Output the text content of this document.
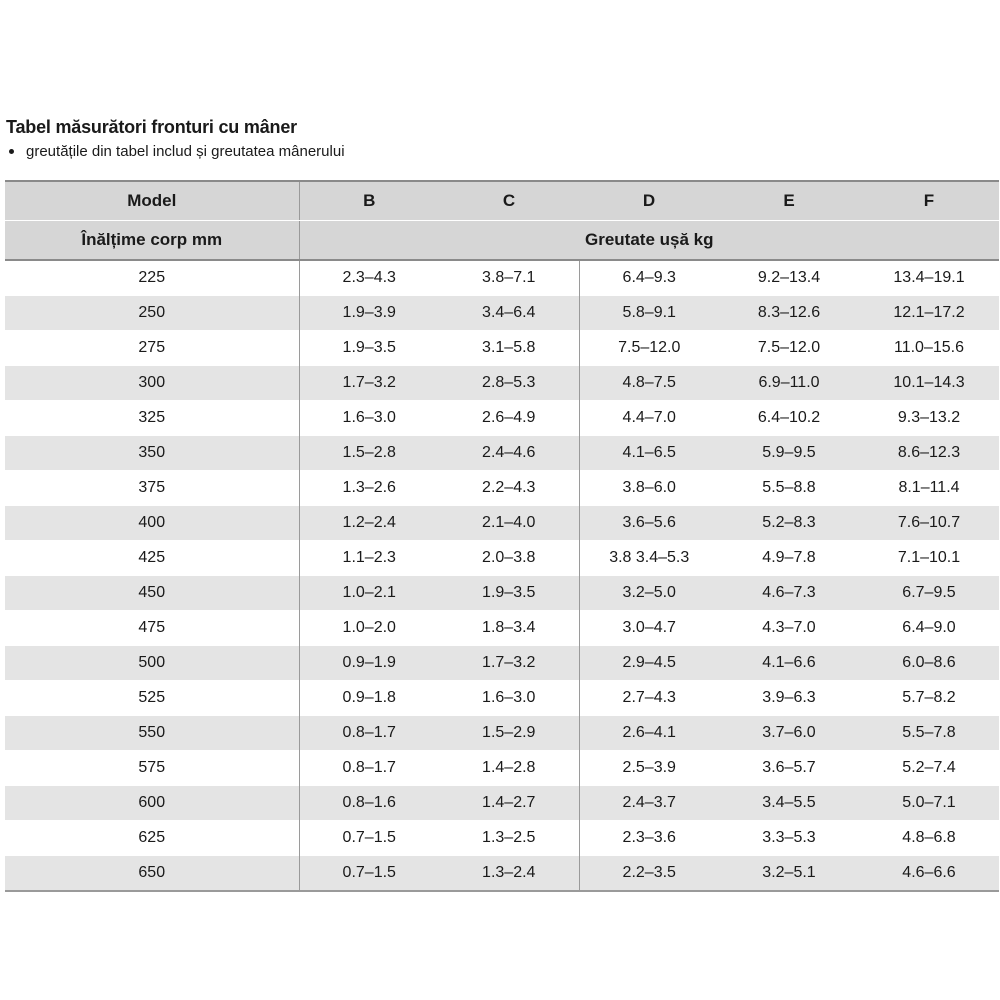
Tabel măsurători fronturi cu mâner
greutățile din tabel includ și greutatea mânerului
Model	B	C	D	E	F
Înălțime corp mm	Greutate ușă kg				
225	2.3–4.3	3.8–7.1	6.4–9.3	9.2–13.4	13.4–19.1
250	1.9–3.9	3.4–6.4	5.8–9.1	8.3–12.6	12.1–17.2
275	1.9–3.5	3.1–5.8	7.5–12.0	7.5–12.0	11.0–15.6
300	1.7–3.2	2.8–5.3	4.8–7.5	6.9–11.0	10.1–14.3
325	1.6–3.0	2.6–4.9	4.4–7.0	6.4–10.2	9.3–13.2
350	1.5–2.8	2.4–4.6	4.1–6.5	5.9–9.5	8.6–12.3
375	1.3–2.6	2.2–4.3	3.8–6.0	5.5–8.8	8.1–11.4
400	1.2–2.4	2.1–4.0	3.6–5.6	5.2–8.3	7.6–10.7
425	1.1–2.3	2.0–3.8	3.8 3.4–5.3	4.9–7.8	7.1–10.1
450	1.0–2.1	1.9–3.5	3.2–5.0	4.6–7.3	6.7–9.5
475	1.0–2.0	1.8–3.4	3.0–4.7	4.3–7.0	6.4–9.0
500	0.9–1.9	1.7–3.2	2.9–4.5	4.1–6.6	6.0–8.6
525	0.9–1.8	1.6–3.0	2.7–4.3	3.9–6.3	5.7–8.2
550	0.8–1.7	1.5–2.9	2.6–4.1	3.7–6.0	5.5–7.8
575	0.8–1.7	1.4–2.8	2.5–3.9	3.6–5.7	5.2–7.4
600	0.8–1.6	1.4–2.7	2.4–3.7	3.4–5.5	5.0–7.1
625	0.7–1.5	1.3–2.5	2.3–3.6	3.3–5.3	4.8–6.8
650	0.7–1.5	1.3–2.4	2.2–3.5	3.2–5.1	4.6–6.6
